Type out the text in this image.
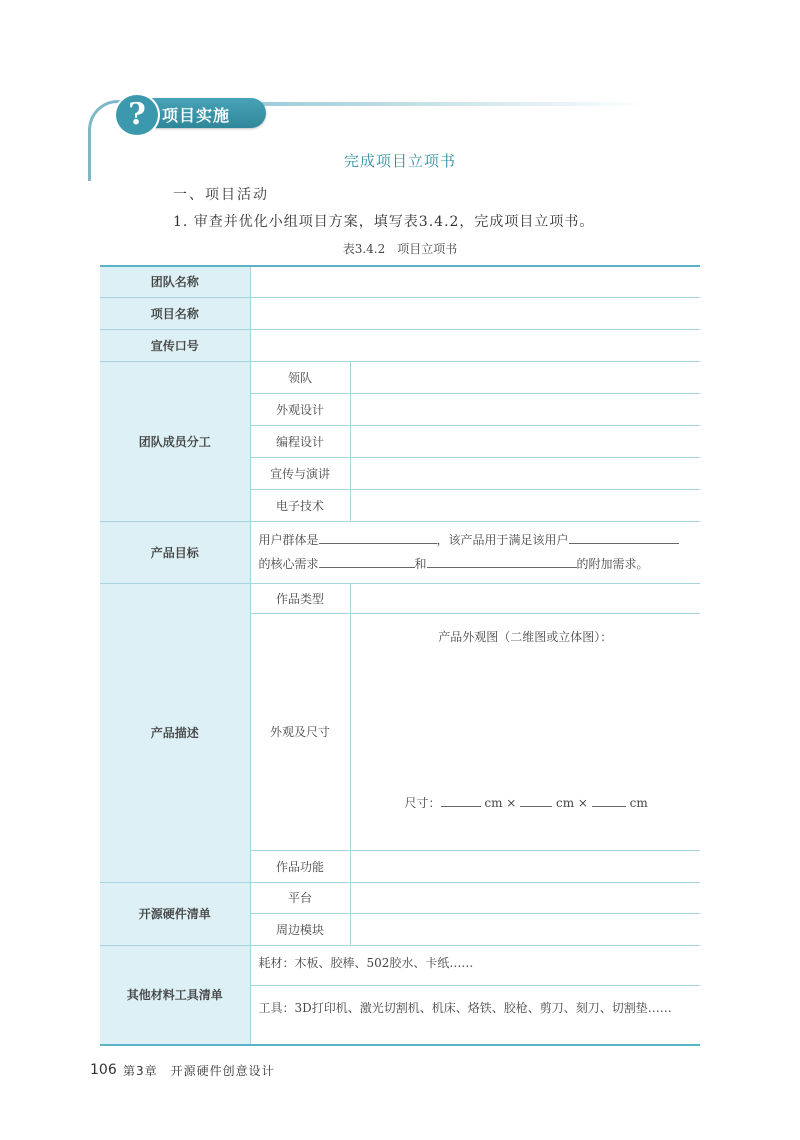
?	项目实施
完成项目立项书
一、项目活动
1. 审查并优化小组项目方案，填写表3.4.2，完成项目立项书。
表3.4.2　项目立项书
团队名称		
项目名称		
宣传口号		
团队成员分工	领队	
	外观设计	
	编程设计	
	宣传与演讲	
	电子技术	
产品目标	用户群体是 ，该产品用于满足该用户
的核心需求 和 的附加需求。	

产品描述	作品类型	
	外观及尺寸	产品外观图（二维图或立体图）：
尺寸： cm × cm × cm

	作品功能	
开源硬件清单	平台	
	周边模块	
其他材料工具清单	耗材：木板、胶棒、502胶水、卡纸……	
	工具：3D打印机、激光切割机、机床、烙铁、胶枪、剪刀、刻刀、切割垫……	
106 第3章　开源硬件创意设计
